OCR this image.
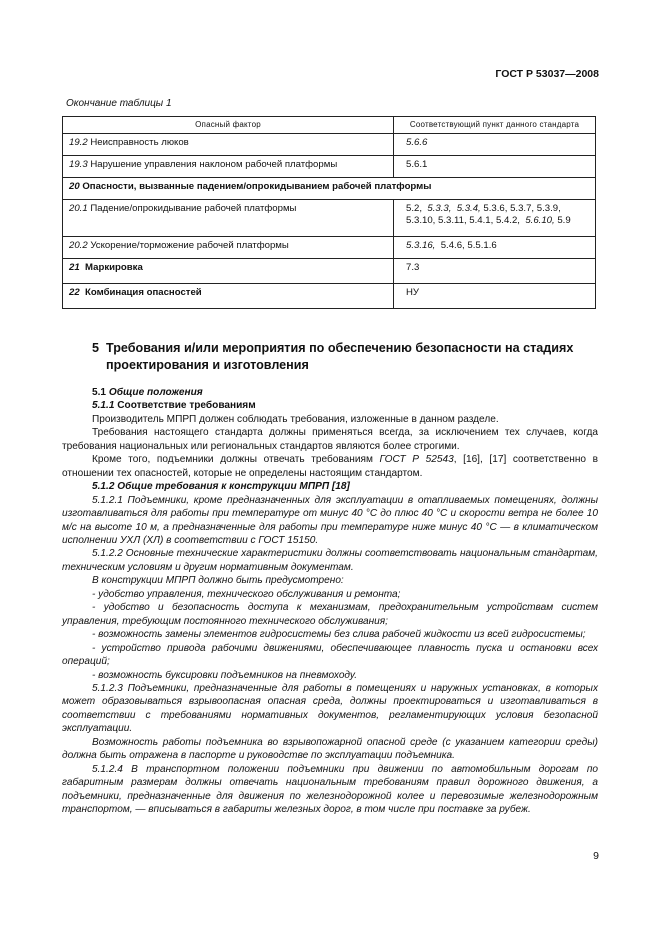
ГОСТ Р 53037—2008
Окончание таблицы 1
Опасный фактор	Соответствующий пункт данного стандарта
19.2 Неисправность люков	5.6.6
19.3 Нарушение управления наклоном рабочей платформы	5.6.1
20 Опасности, вызванные падением/опрокидыванием рабочей платформы	
20.1 Падение/опрокидывание рабочей платформы	5.2, 5.3.3, 5.3.4, 5.3.6, 5.3.7, 5.3.9,
5.3.10, 5.3.11, 5.4.1, 5.4.2, 5.6.10, 5.9
20.2 Ускорение/торможение рабочей платформы	5.3.16, 5.4.6, 5.5.1.6
21 Маркировка	7.3
22 Комбинация опасностей	НУ
5 Требования и/или мероприятия по обеспечению безопасности на стадиях
проектирования и изготовления

5.1 Общие положения

5.1.1 Соответствие требованиям

Производитель МПРП должен соблюдать требования, изложенные в данном разделе.

Требования настоящего стандарта должны применяться всегда, за исключением тех случаев, когда требования национальных или региональных стандартов являются более строгими.

Кроме того, подъемники должны отвечать требованиям ГОСТ Р 52543, [16], [17] соответственно в отношении тех опасностей, которые не определены настоящим стандартом.

5.1.2 Общие требования к конструкции МПРП [18]

5.1.2.1 Подъемники, кроме предназначенных для эксплуатации в отапливаемых помещениях, должны изготавливаться для работы при температуре от минус 40 °С до плюс 40 °С и скорости ветра не более 10 м/с на высоте 10 м, а предназначенные для работы при температуре ниже минус 40 °С — в климатическом исполнении УХЛ (ХЛ) в соответствии с ГОСТ 15150.

5.1.2.2 Основные технические характеристики должны соответствовать национальным стандартам, техническим условиям и другим нормативным документам.

В конструкции МПРП должно быть предусмотрено:

- удобство управления, технического обслуживания и ремонта;

- удобство и безопасность доступа к механизмам, предохранительным устройствам систем управления, требующим постоянного технического обслуживания;

- возможность замены элементов гидросистемы без слива рабочей жидкости из всей гидросистемы;

- устройство привода рабочими движениями, обеспечивающее плавность пуска и остановки всех операций;

- возможность буксировки подъемников на пневмоходу.

5.1.2.3 Подъемники, предназначенные для работы в помещениях и наружных установках, в которых может образовываться взрывоопасная опасная среда, должны проектироваться и изготавливаться в соответствии с требованиями нормативных документов, регламентирующих условия безопасной эксплуатации.

Возможность работы подъемника во взрывопожарной опасной среде (с указанием категории среды) должна быть отражена в паспорте и руководстве по эксплуатации подъемника.

5.1.2.4 В транспортном положении подъемники при движении по автомобильным дорогам по габаритным размерам должны отвечать национальным требованиям правил дорожного движения, а подъемники, предназначенные для движения по железнодорожной колее и перевозимые железнодорожным транспортом, — вписываться в габариты железных дорог, в том числе при поставке за рубеж.

9
